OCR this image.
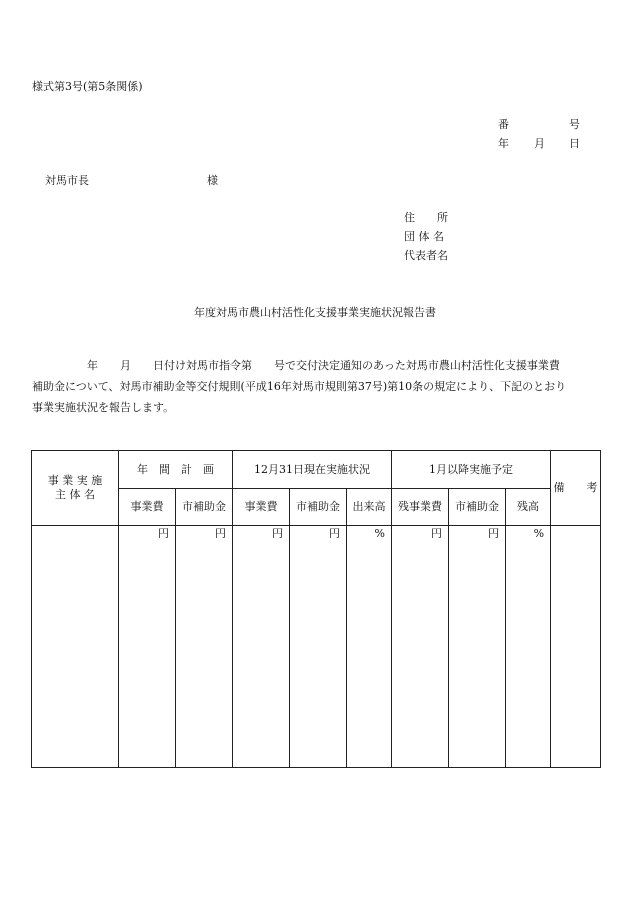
様式第3号(第5条関係)
番	号
年 月 日
対馬市長	様
住　　所
団 体 名
代表者名
年度対馬市農山村活性化支援事業実施状況報告書
　　　　　年　　月　　日付け対馬市指令第　　号で交付決定通知のあった対馬市農山村活性化支援事業費
補助金について、対馬市補助金等交付規則(平成16年対馬市規則第37号)第10条の規定により、下記のとおり
事業実施状況を報告します。
事 業 実 施
主 体 名	年　間　計　画		12月31日現在実施状況			1月以降実施予定			備　　考
	事業費	市補助金	事業費	市補助金	出来高	残事業費	市補助金	残高	
	円	円	円	円	%	円	円	%	
